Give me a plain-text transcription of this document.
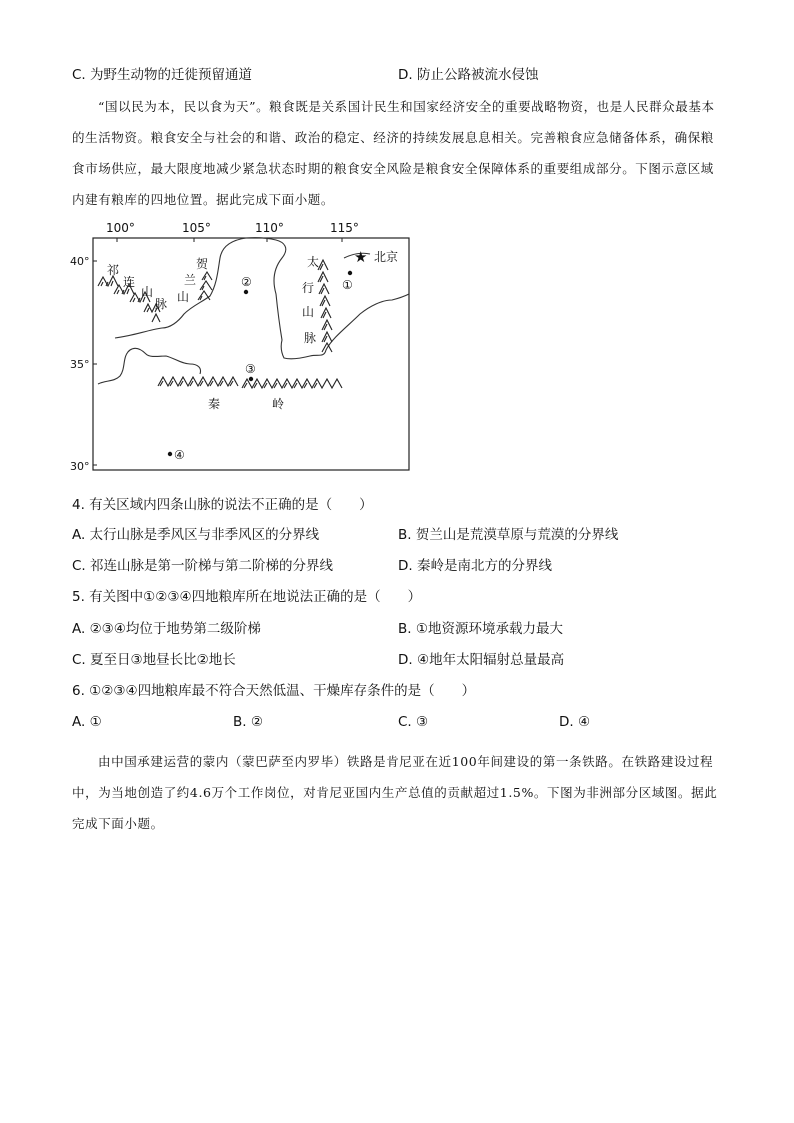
C. 为野生动物的迁徙预留通道	D. 防止公路被流水侵蚀
“国以民为本，民以食为天”。粮食既是关系国计民生和国家经济安全的重要战略物资，也是人民群众最基本的生活物资。粮食安全与社会的和谐、政治的稳定、经济的持续发展息息相关。完善粮食应急储备体系，确保粮食市场供应，最大限度地减少紧急状态时期的粮食安全风险是粮食安全保障体系的重要组成部分。下图示意区域内建有粮库的四地位置。据此完成下面小题。
100°	105°	110°	115°
40°
35°
30°
祁
连
山
脉
贺
兰
山
太
行
山
脉
秦	岭
★ 北京
①
②
③
④
4. 有关区域内四条山脉的说法不正确的是（　　）
A. 太行山脉是季风区与非季风区的分界线	B. 贺兰山是荒漠草原与荒漠的分界线
C. 祁连山脉是第一阶梯与第二阶梯的分界线	D. 秦岭是南北方的分界线
5. 有关图中①②③④四地粮库所在地说法正确的是（　　）
A. ②③④均位于地势第二级阶梯	B. ①地资源环境承载力最大
C. 夏至日③地昼长比②地长	D. ④地年太阳辐射总量最高
6. ①②③④四地粮库最不符合天然低温、干燥库存条件的是（　　）
A. ①	B. ②	C. ③	D. ④
由中国承建运营的蒙内（蒙巴萨至内罗毕）铁路是肯尼亚在近100年间建设的第一条铁路。在铁路建设过程中，为当地创造了约4.6万个工作岗位，对肯尼亚国内生产总值的贡献超过1.5%。下图为非洲部分区域图。据此完成下面小题。
